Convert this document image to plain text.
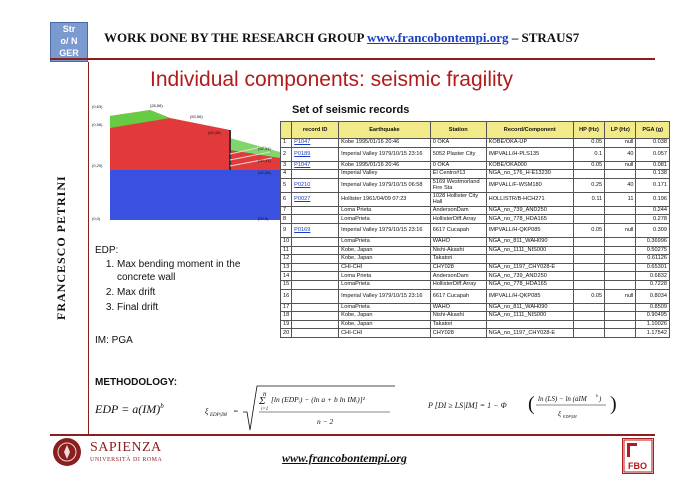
Str
o/ N
GER
WORK DONE BY THE RESEARCH GROUP www.francobontempi.org – STRAUS7
FRANCESCO PETRINI
Individual components: seismic fragility
(0,63)	(28,58)
(0,56)
(53,56)
(63,45)
(0,29)
(0,0)
(92,34)
(92,31)
(92,29)
(92,0)
Set of seismic records
	record ID	Earthquake	Station	Record/Component	HP (Hz)	LP (Hz)	PGA (g)
1	P1047	Kobe 1995/01/16 20:46	0 OKA	KOBE/OKA-UP	0.05	null	0.038
2	P0189	Imperial Valley 1979/10/15 23:16	5052 Plaster City	IMPVALL/H-PLS135	0.1	40	0.057
3	P1047	Kobe 1995/01/16 20:46	0 OKA	KOBE/OKA000	0.05	null	0.081
4		Imperial Valley	El Centro#13	NGA_no_176_H-E13230			0.138
5	P0210	Imperial Valley 1979/10/15 06:58	5169 Westmorland Fire Sta	IMPVALL/F-WSM180	0.25	40	0.171
6	P0027	Hollister 1961/04/09 07:23	1028 Hollister City Hall	HOLLISTR/B-HCH271	0.11	11	0.196
7		Loma Prieta	AndersonDam	NGA_no_739_AND250			0.244
8		LomaPrieta	HollisterDiff.Array	NGA_no_778_HDA165			0.278
9	P0169	Imperial Valley 1979/10/15 23:16	6617 Cucapah	IMPVALL/H-QKP085	0.05	null	0.309
10		LomaPrieta	WAHO	NGA_no_811_WAH090			0.36996
11		Kobe, Japan	Nishi-Akashi	NGA_no_1111_NIS000			0.50275
12		Kobe, Japan	Takatori				0.61126
13		CHI-CHI	CHY028	NGA_no_1197_CHY028-E			0.65301
14		Loma Prieta	AndersonDam	NGA_no_739_AND250			0.6832
15		LomaPrieta	HollisterDiff.Array	NGA_no_778_HDA165			0.7228
16		Imperial Valley 1979/10/15 23:16	6617 Cucapah	IMPVALL/H-QKP085	0.05	null	0.8034
17		LomaPrieta	WAHO	NGA_no_811_WAH090			0.8509
18		Kobe, Japan	Nishi-Akashi	NGA_no_1111_NIS000			0.90495
19		Kobe, Japan	Takatori				1.10026
20		CHI-CHI	CHY028	NGA_no_1197_CHY028-E			1.17542

EDP:

1. Max bending moment in the concrete wall
2. Max drift
3. Final drift
IM: PGA
METHODOLOGY:
EDP = a(IM)$^b$
ξ EDP|IM =
n
Σ
i=1
[ln (EDPᵢ) − (ln a + b ln IMᵢ)]²
n − 2
P [DI ≥ LS|IM] = 1 − Φ ( ln (LS) − ln (aIM b )
ξ EDP|IM
)
SAPIENZA
UNIVERSITÀ DI ROMA	www.francobontempi.org
FBO
